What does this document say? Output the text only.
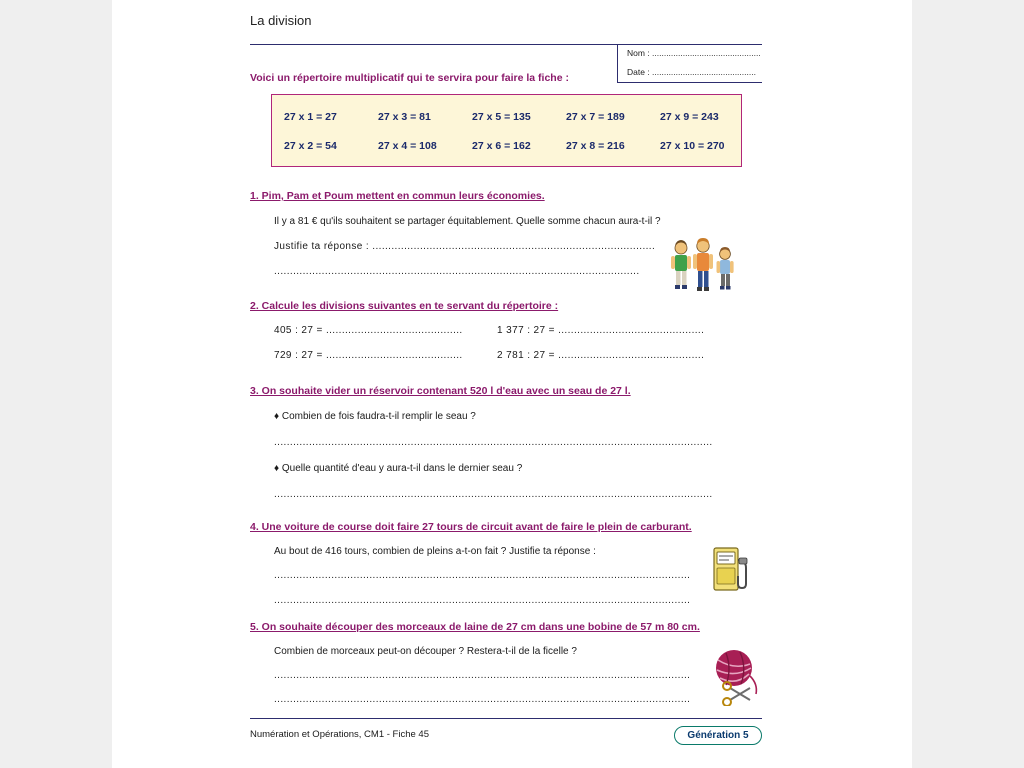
La division
Nom : ..............................................
Date : ............................................
Voici un répertoire multiplicatif qui te servira pour faire la fiche :
27 x 1 = 27	27 x 3 = 81	27 x 5 = 135	27 x 7 = 189	27 x 9 = 243
27 x 2 = 54	27 x 4 = 108	27 x 6 = 162	27 x 8 = 216	27 x 10 = 270
1. Pim, Pam et Poum mettent en commun leurs économies.
Il y a 81 € qu'ils souhaitent se partager équitablement. Quelle somme chacun aura-t-il ?
Justifie ta réponse : .........................................................................................
...................................................................................................................
2. Calcule les divisions suivantes en te servant du répertoire :
405 : 27 = ...........................................	1 377 : 27 = ..............................................
729 : 27 = ...........................................	2 781 : 27 = ..............................................
3. On souhaite vider un réservoir contenant 520 l d'eau avec un seau de 27 l.
♦ Combien de fois faudra-t-il remplir le seau ?
..........................................................................................................................................
♦ Quelle quantité d'eau y aura-t-il dans le dernier seau ?
..........................................................................................................................................
4. Une voiture de course doit faire 27 tours de circuit avant de faire le plein de carburant.
Au bout de 416 tours, combien de pleins a-t-on fait ? Justifie ta réponse :
...................................................................................................................................
...................................................................................................................................
5. On souhaite découper des morceaux de laine de 27 cm dans une bobine de 57 m 80 cm.
Combien de morceaux peut-on découper ? Restera-t-il de la ficelle ?
...................................................................................................................................
...................................................................................................................................
Numération et Opérations, CM1 - Fiche 45	Génération 5
